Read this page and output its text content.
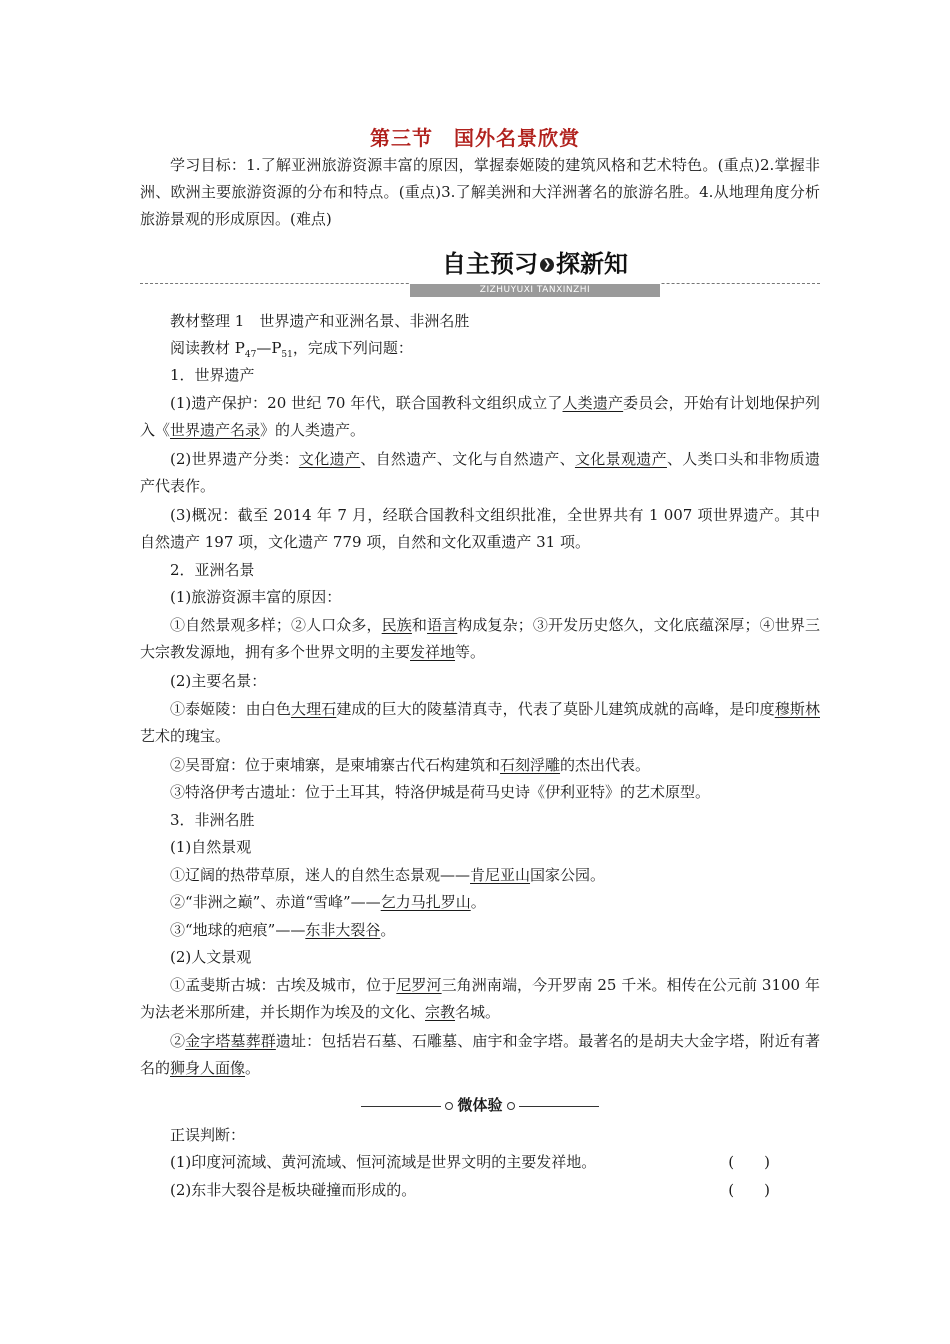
第三节　国外名景欣赏
学习目标：1.了解亚洲旅游资源丰富的原因，掌握泰姬陵的建筑风格和艺术特色。(重点)2.掌握非洲、欧洲主要旅游资源的分布和特点。(重点)3.了解美洲和大洋洲著名的旅游名胜。4.从地理角度分析旅游景观的形成原因。(难点)
自主预习 ❯ 探新知
ZIZHUYUXI TANXINZHI
教材整理 1　 世界遗产和亚洲名景、非洲名胜
阅读教材 $P_{47}—P_{51}$，完成下列问题：
1．世界遗产
(1)遗产保护：20 世纪 70 年代，联合国教科文组织成立了人类遗产委员会，开始有计划地保护列入《世界遗产名录》的人类遗产。
(2)世界遗产分类：文化遗产、自然遗产、文化与自然遗产、文化景观遗产、人类口头和非物质遗产代表作。
(3)概况：截至 2014 年 7 月，经联合国教科文组织批准，全世界共有 1 007 项世界遗产。其中自然遗产 197 项，文化遗产 779 项，自然和文化双重遗产 31 项。
2．亚洲名景
(1)旅游资源丰富的原因：
①自然景观多样；②人口众多，民族和语言构成复杂；③开发历史悠久，文化底蕴深厚；④世界三大宗教发源地，拥有多个世界文明的主要发祥地等。
(2)主要名景：
①泰姬陵：由白色大理石建成的巨大的陵墓清真寺，代表了莫卧儿建筑成就的高峰，是印度穆斯林艺术的瑰宝。
②吴哥窟：位于柬埔寨，是柬埔寨古代石构建筑和石刻浮雕的杰出代表。
③特洛伊考古遗址：位于土耳其，特洛伊城是荷马史诗《伊利亚特》的艺术原型。
3．非洲名胜
(1)自然景观
①辽阔的热带草原，迷人的自然生态景观——肯尼亚山国家公园。
②“非洲之巅”、赤道“雪峰”——乞力马扎罗山。
③“地球的疤痕”——东非大裂谷。
(2)人文景观
①孟斐斯古城：古埃及城市，位于尼罗河三角洲南端，今开罗南 25 千米。相传在公元前 3100 年为法老米那所建，并长期作为埃及的文化、宗教名城。
②金字塔墓葬群遗址：包括岩石墓、石雕墓、庙宇和金字塔。最著名的是胡夫大金字塔，附近有著名的狮身人面像。
微体验
正误判断：
(1)印度河流域、黄河流域、恒河流域是世界文明的主要发祥地。	(　　)
(2)东非大裂谷是板块碰撞而形成的。	(　　)
